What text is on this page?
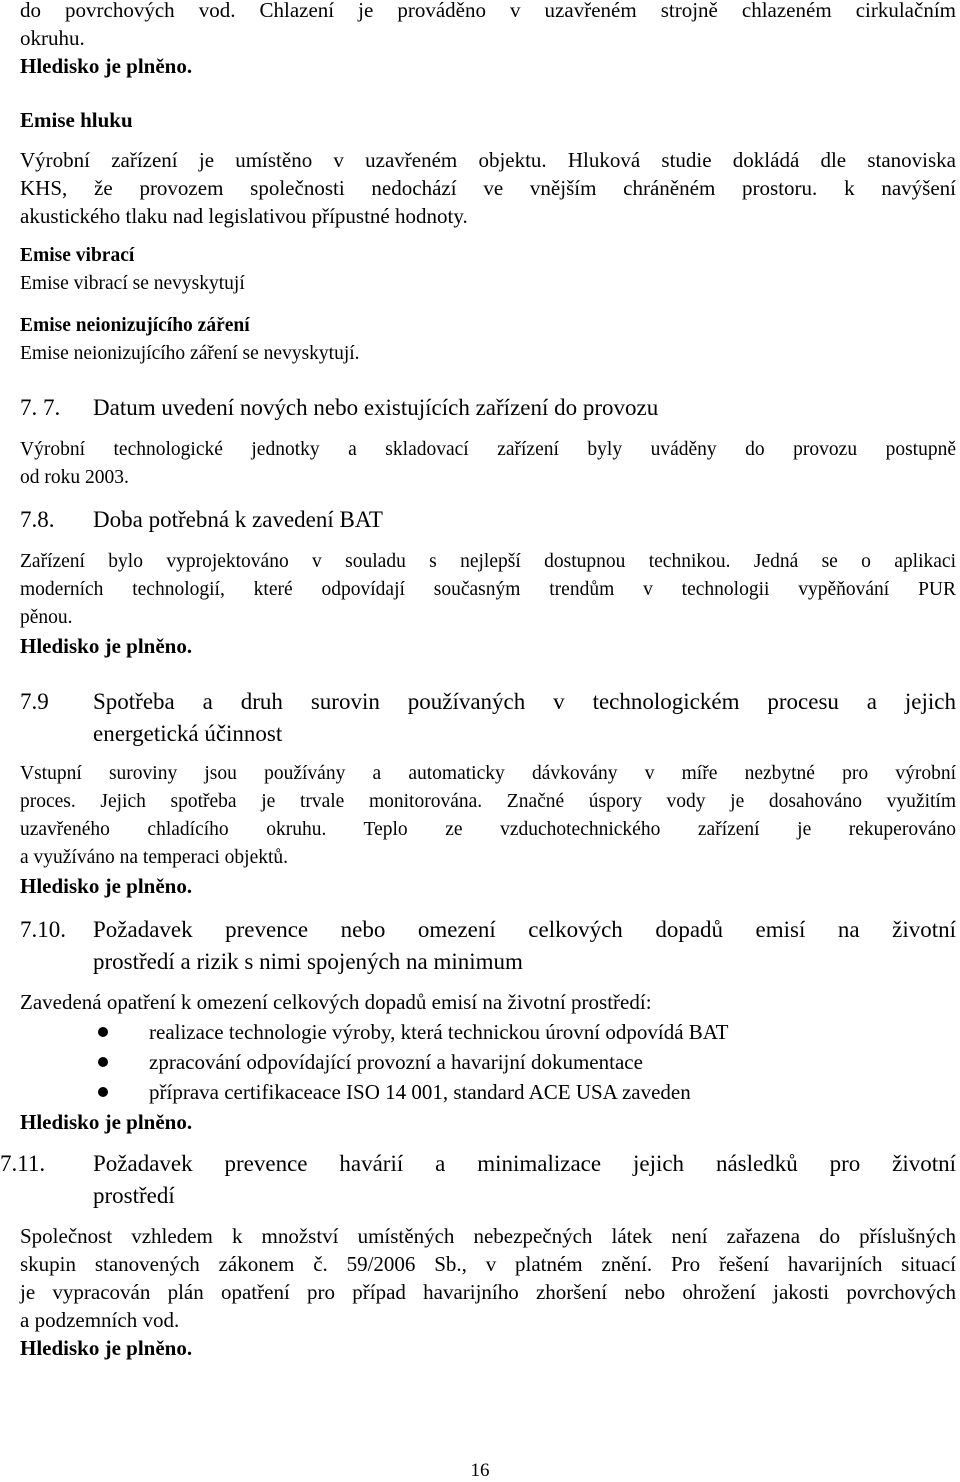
do povrchových vod. Chlazení je prováděno v uzavřeném strojně chlazeném cirkulačním
okruhu.
Hledisko je plněno.
Emise hluku
Výrobní zařízení je umístěno v uzavřeném objektu. Hluková studie dokládá dle stanoviska
KHS, že provozem společnosti nedochází ve vnějším chráněném prostoru. k navýšení
akustického tlaku nad legislativou přípustné hodnoty.
Emise vibrací
Emise vibrací se nevyskytují
Emise neionizujícího záření
Emise neionizujícího záření se nevyskytují.
7. 7. Datum uvedení nových nebo existujících zařízení do provozu
Výrobní technologické jednotky a skladovací zařízení byly uváděny do provozu postupně
od roku 2003.
7.8. Doba potřebná k zavedení BAT
Zařízení bylo vyprojektováno v souladu s nejlepší dostupnou technikou. Jedná se o aplikaci
moderních technologií, které odpovídají současným trendům v technologii vypěňování PUR
pěnou.
Hledisko je plněno.
7.9 Spotřeba a druh surovin používaných v technologickém procesu a jejich
energetická účinnost
Vstupní suroviny jsou používány a automaticky dávkovány v míře nezbytné pro výrobní
proces. Jejich spotřeba je trvale monitorována. Značné úspory vody je dosahováno využitím
uzavřeného chladícího okruhu. Teplo ze vzduchotechnického zařízení je rekuperováno
a využíváno na temperaci objektů.
Hledisko je plněno.
7.10. Požadavek prevence nebo omezení celkových dopadů emisí na životní
prostředí a rizik s nimi spojených na minimum
Zavedená opatření k omezení celkových dopadů emisí na životní prostředí:
realizace technologie výroby, která technickou úrovní odpovídá BAT
zpracování odpovídající provozní a havarijní dokumentace
příprava certifikaceace ISO 14 001, standard ACE USA zaveden
Hledisko je plněno.
7.11. Požadavek prevence havárií a minimalizace jejich následků pro životní
prostředí
Společnost vzhledem k množství umístěných nebezpečných látek není zařazena do příslušných
skupin stanovených zákonem č. 59/2006 Sb., v platném znění. Pro řešení havarijních situací
je vypracován plán opatření pro případ havarijního zhoršení nebo ohrožení jakosti povrchových
a podzemních vod.
Hledisko je plněno.
16
